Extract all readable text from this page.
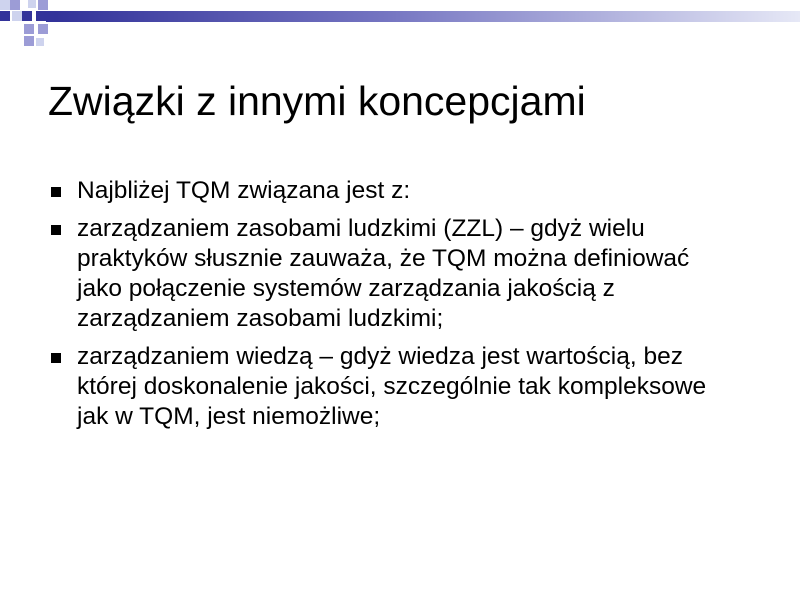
Związki z innymi koncepcjami
Najbliżej TQM związana jest z:
zarządzaniem zasobami ludzkimi (ZZL) – gdyż wielu praktyków słusznie zauważa, że TQM można definiować jako połączenie systemów zarządzania jakością z zarządzaniem zasobami ludzkimi;
zarządzaniem wiedzą – gdyż wiedza jest wartością, bez której doskonalenie jakości, szczególnie tak kompleksowe jak w TQM, jest niemożliwe;
